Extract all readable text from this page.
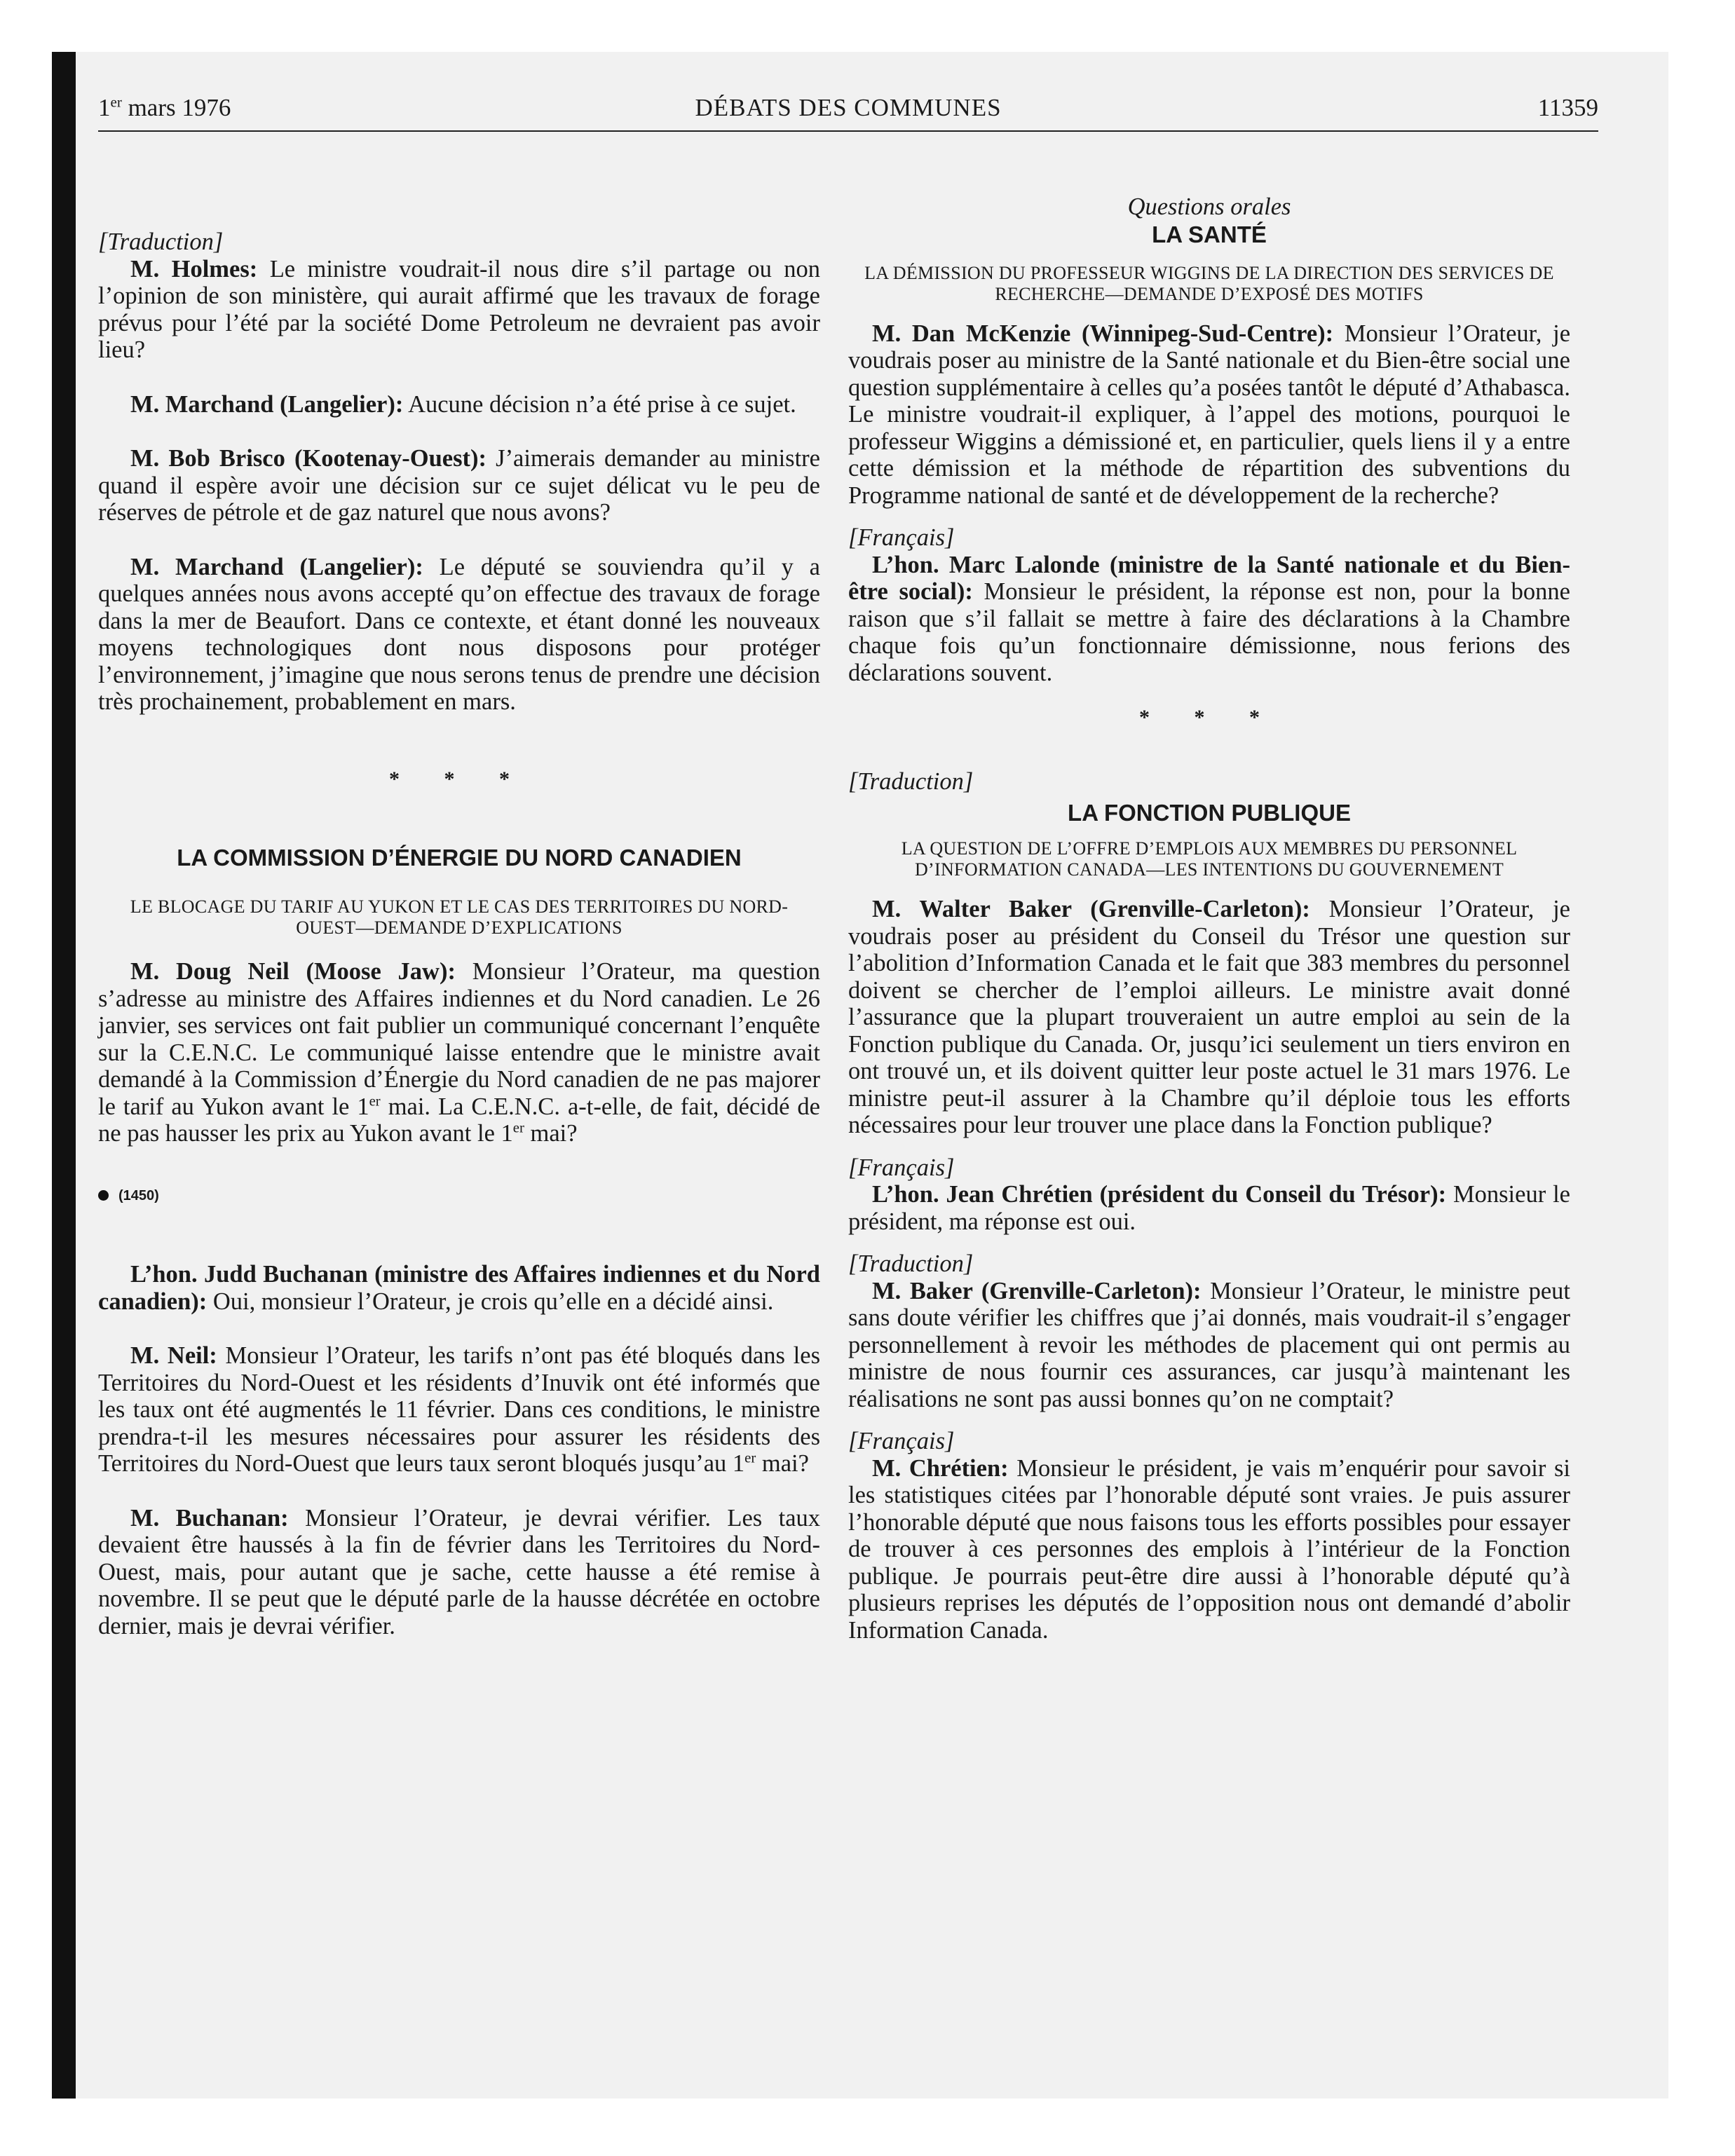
1er mars 1976	DÉBATS DES COMMUNES	11359

[Traduction]

M. Holmes: Le ministre voudrait-il nous dire s’il partage ou non l’opinion de son ministère, qui aurait affirmé que les travaux de forage prévus pour l’été par la société Dome Petroleum ne devraient pas avoir lieu?

M. Marchand (Langelier): Aucune décision n’a été prise à ce sujet.

M. Bob Brisco (Kootenay-Ouest): J’aimerais demander au ministre quand il espère avoir une décision sur ce sujet délicat vu le peu de réserves de pétrole et de gaz naturel que nous avons?

M. Marchand (Langelier): Le député se souviendra qu’il y a quelques années nous avons accepté qu’on effectue des travaux de forage dans la mer de Beaufort. Dans ce contexte, et étant donné les nouveaux moyens technologiques dont nous disposons pour protéger l’environnement, j’imagine que nous serons tenus de prendre une décision très prochainement, probablement en mars.

* * *

LA COMMISSION D’ÉNERGIE DU NORD CANADIEN

LE BLOCAGE DU TARIF AU YUKON ET LE CAS DES TERRITOIRES DU NORD-OUEST—DEMANDE D’EXPLICATIONS

M. Doug Neil (Moose Jaw): Monsieur l’Orateur, ma question s’adresse au ministre des Affaires indiennes et du Nord canadien. Le 26 janvier, ses services ont fait publier un communiqué concernant l’enquête sur la C.E.N.C. Le communiqué laisse entendre que le ministre avait demandé à la Commission d’Énergie du Nord canadien de ne pas majorer le tarif au Yukon avant le 1er mai. La C.E.N.C. a-t-elle, de fait, décidé de ne pas hausser les prix au Yukon avant le 1er mai?

(1450)

L’hon. Judd Buchanan (ministre des Affaires indiennes et du Nord canadien): Oui, monsieur l’Orateur, je crois qu’elle en a décidé ainsi.

M. Neil: Monsieur l’Orateur, les tarifs n’ont pas été bloqués dans les Territoires du Nord-Ouest et les résidents d’Inuvik ont été informés que les taux ont été augmentés le 11 février. Dans ces conditions, le ministre prendra-t-il les mesures nécessaires pour assurer les résidents des Territoires du Nord-Ouest que leurs taux seront bloqués jusqu’au 1er mai?

M. Buchanan: Monsieur l’Orateur, je devrai vérifier. Les taux devaient être haussés à la fin de février dans les Territoires du Nord-Ouest, mais, pour autant que je sache, cette hausse a été remise à novembre. Il se peut que le député parle de la hausse décrétée en octobre dernier, mais je devrai vérifier.

Questions orales

LA SANTÉ

LA DÉMISSION DU PROFESSEUR WIGGINS DE LA DIRECTION DES SERVICES DE RECHERCHE—DEMANDE D’EXPOSÉ DES MOTIFS

M. Dan McKenzie (Winnipeg-Sud-Centre): Monsieur l’Orateur, je voudrais poser au ministre de la Santé nationale et du Bien-être social une question supplémentaire à celles qu’a posées tantôt le député d’Athabasca. Le ministre voudrait-il expliquer, à l’appel des motions, pourquoi le professeur Wiggins a démissioné et, en particulier, quels liens il y a entre cette démission et la méthode de répartition des subventions du Programme national de santé et de développement de la recherche?

[Français]

L’hon. Marc Lalonde (ministre de la Santé nationale et du Bien-être social): Monsieur le président, la réponse est non, pour la bonne raison que s’il fallait se mettre à faire des déclarations à la Chambre chaque fois qu’un fonctionnaire démissionne, nous ferions des déclarations souvent.

* * *

[Traduction]

LA FONCTION PUBLIQUE

LA QUESTION DE L’OFFRE D’EMPLOIS AUX MEMBRES DU PERSONNEL D’INFORMATION CANADA—LES INTENTIONS DU GOUVERNEMENT

M. Walter Baker (Grenville-Carleton): Monsieur l’Orateur, je voudrais poser au président du Conseil du Trésor une question sur l’abolition d’Information Canada et le fait que 383 membres du personnel doivent se chercher de l’emploi ailleurs. Le ministre avait donné l’assurance que la plupart trouveraient un autre emploi au sein de la Fonction publique du Canada. Or, jusqu’ici seulement un tiers environ en ont trouvé un, et ils doivent quitter leur poste actuel le 31 mars 1976. Le ministre peut-il assurer à la Chambre qu’il déploie tous les efforts nécessaires pour leur trouver une place dans la Fonction publique?

[Français]

L’hon. Jean Chrétien (président du Conseil du Trésor): Monsieur le président, ma réponse est oui.

[Traduction]

M. Baker (Grenville-Carleton): Monsieur l’Orateur, le ministre peut sans doute vérifier les chiffres que j’ai donnés, mais voudrait-il s’engager personnellement à revoir les méthodes de placement qui ont permis au ministre de nous fournir ces assurances, car jusqu’à maintenant les réalisations ne sont pas aussi bonnes qu’on ne comptait?

[Français]

M. Chrétien: Monsieur le président, je vais m’enquérir pour savoir si les statistiques citées par l’honorable député sont vraies. Je puis assurer l’honorable député que nous faisons tous les efforts possibles pour essayer de trouver à ces personnes des emplois à l’intérieur de la Fonction publique. Je pourrais peut-être dire aussi à l’honorable député qu’à plusieurs reprises les députés de l’opposition nous ont demandé d’abolir Information Canada.
